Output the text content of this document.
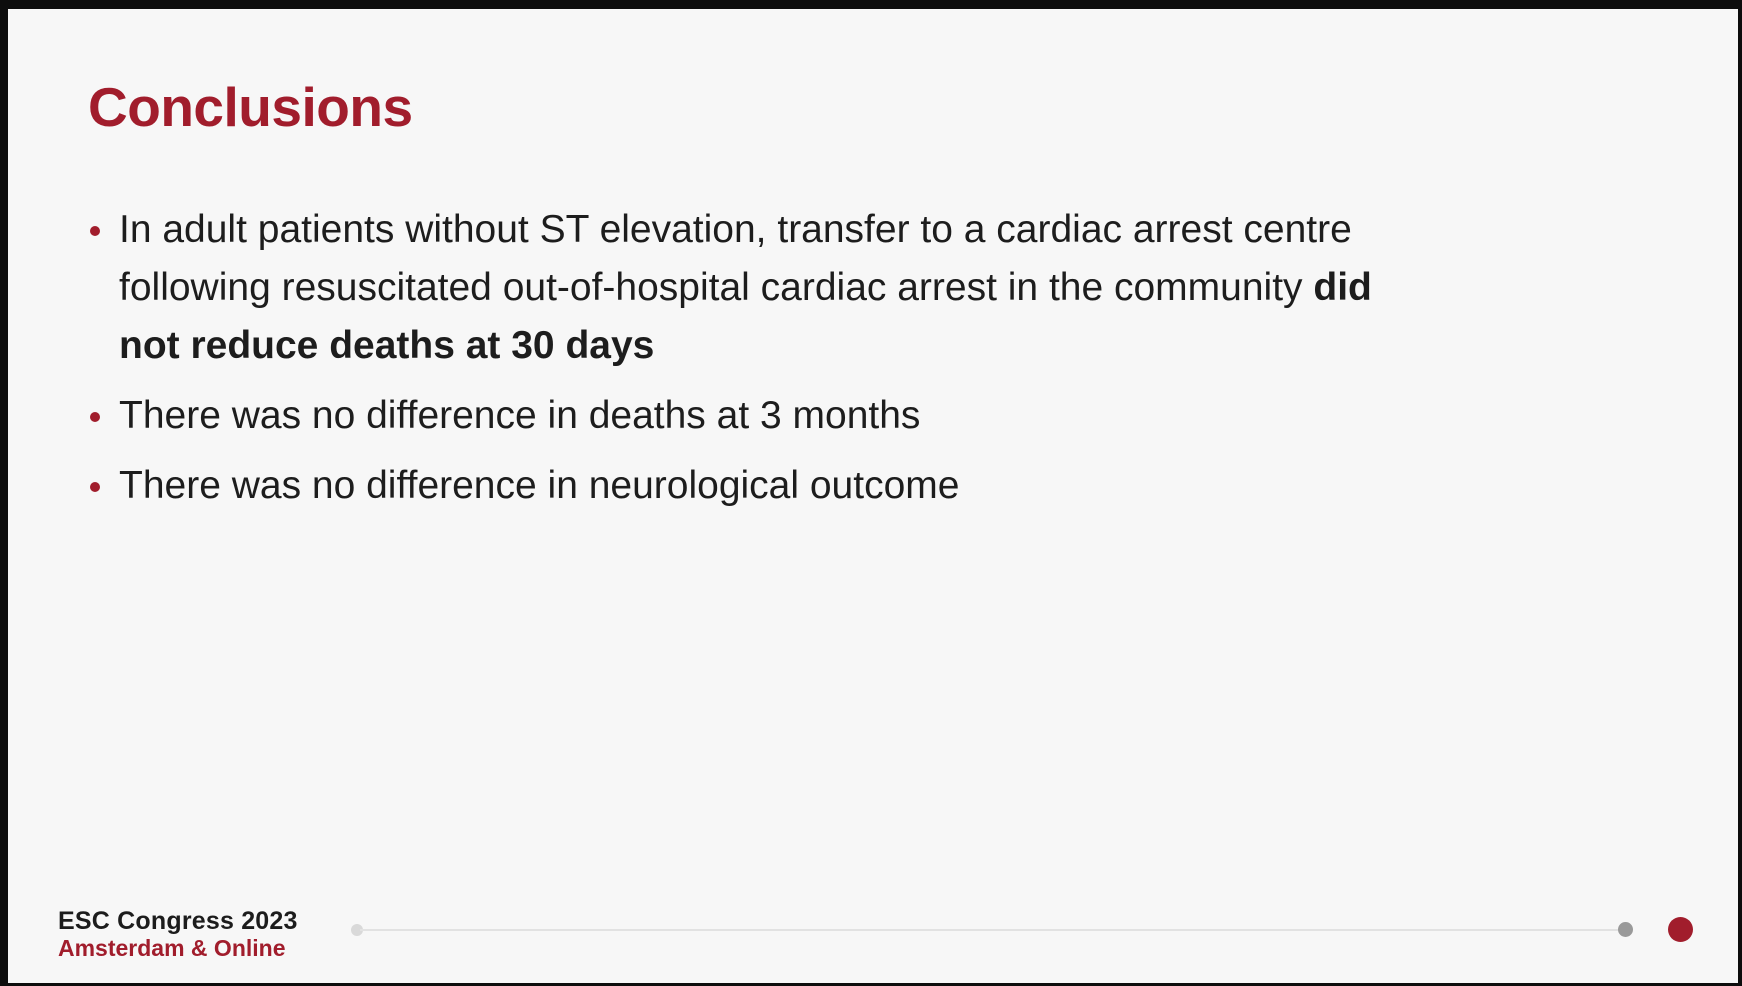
Conclusions
In adult patients without ST elevation, transfer to a cardiac arrest centre following resuscitated out-of-hospital cardiac arrest in the community did not reduce deaths at 30 days
There was no difference in deaths at 3 months
There was no difference in neurological outcome
ESC Congress 2023
Amsterdam & Online
